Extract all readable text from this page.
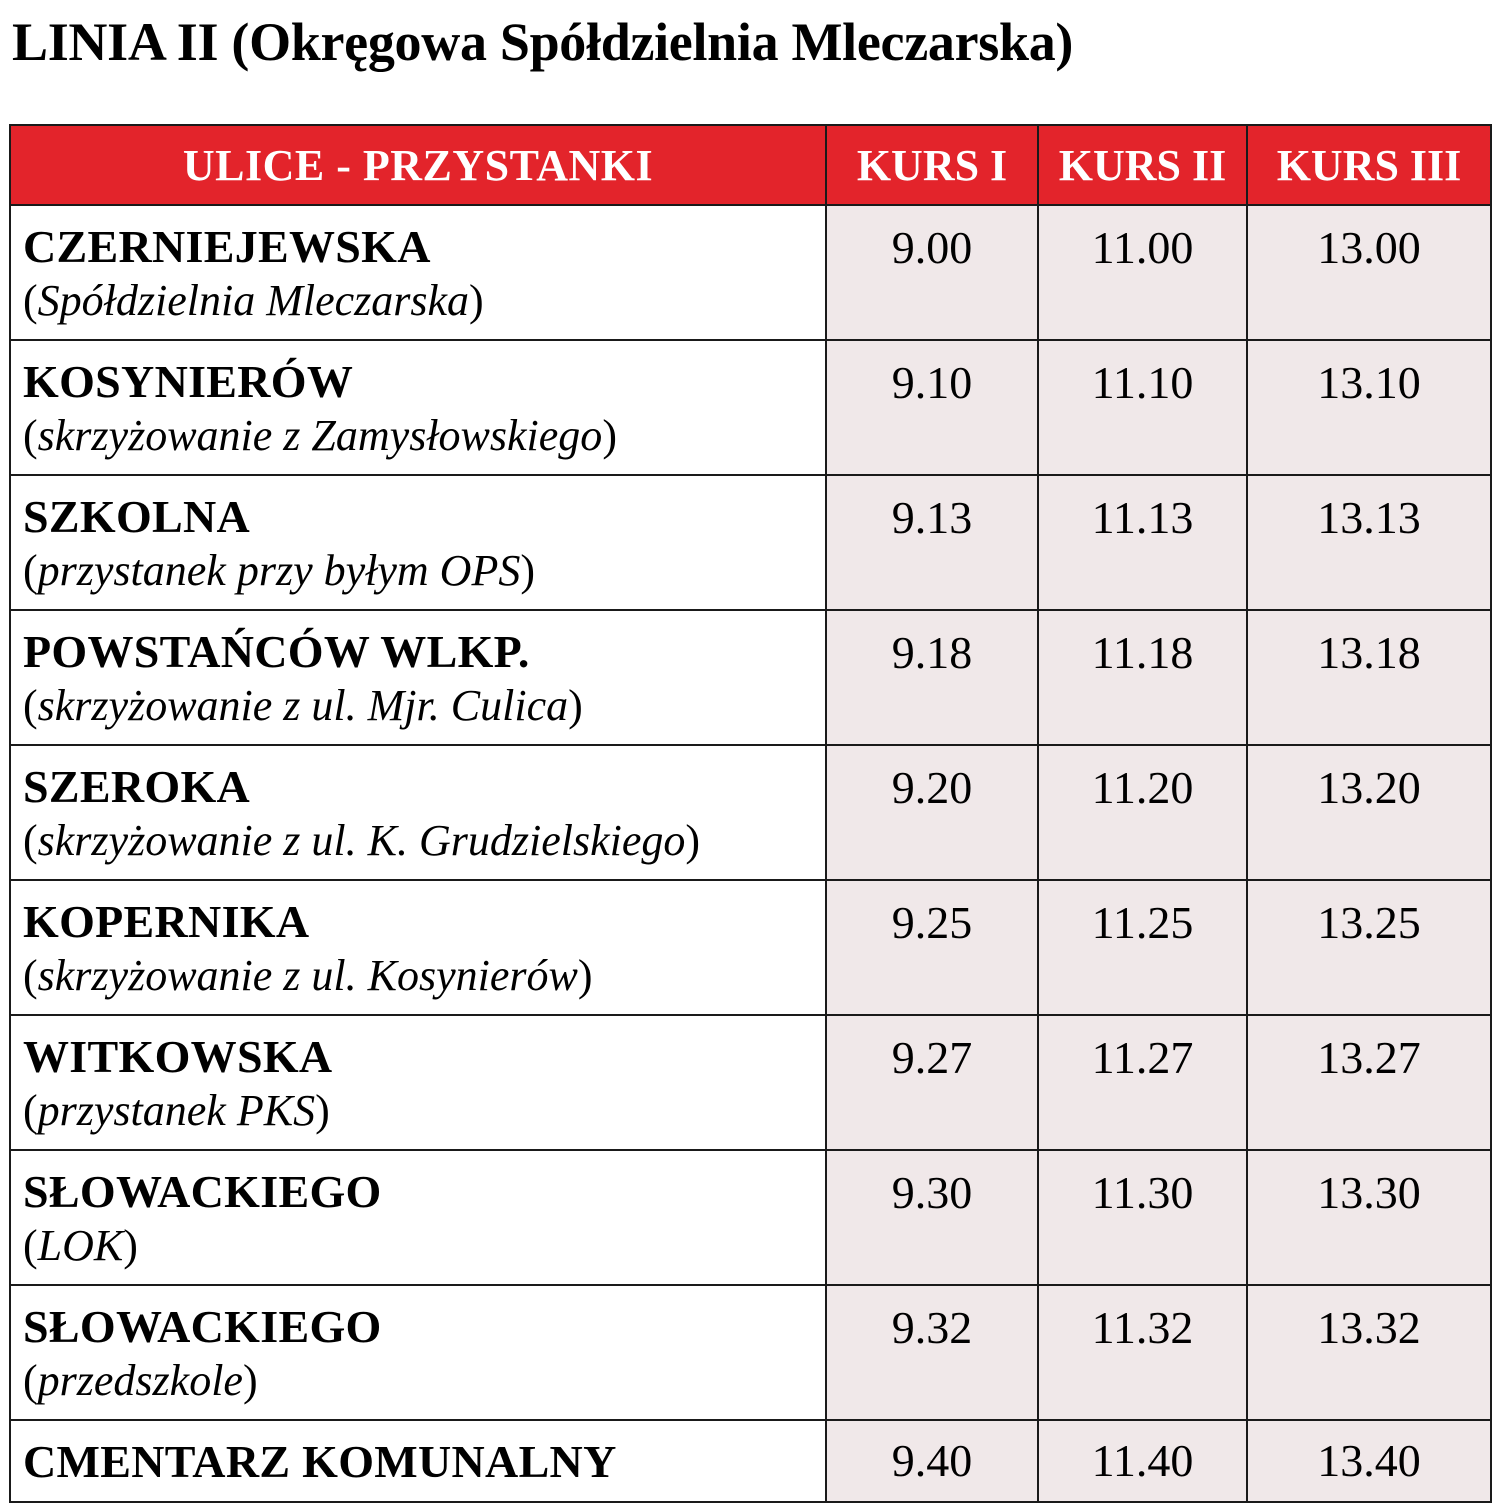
LINIA II (Okręgowa Spółdzielnia Mleczarska)
ULICE - PRZYSTANKI	KURS I	KURS II	KURS III

CZERNIEJEWSKA
(Spółdzielnia Mleczarska)	9.00	11.00	13.00

KOSYNIERÓW
(skrzyżowanie z Zamysłowskiego)	9.10	11.10	13.10

SZKOLNA
(przystanek przy byłym OPS)	9.13	11.13	13.13

POWSTAŃCÓW WLKP.
(skrzyżowanie z ul. Mjr. Culica)	9.18	11.18	13.18

SZEROKA
(skrzyżowanie z ul. K. Grudzielskiego)	9.20	11.20	13.20

KOPERNIKA
(skrzyżowanie z ul. Kosynierów)	9.25	11.25	13.25

WITKOWSKA
(przystanek PKS)	9.27	11.27	13.27

SŁOWACKIEGO
(LOK)	9.30	11.30	13.30

SŁOWACKIEGO
(przedszkole)	9.32	11.32	13.32

CMENTARZ KOMUNALNY	9.40	11.40	13.40
